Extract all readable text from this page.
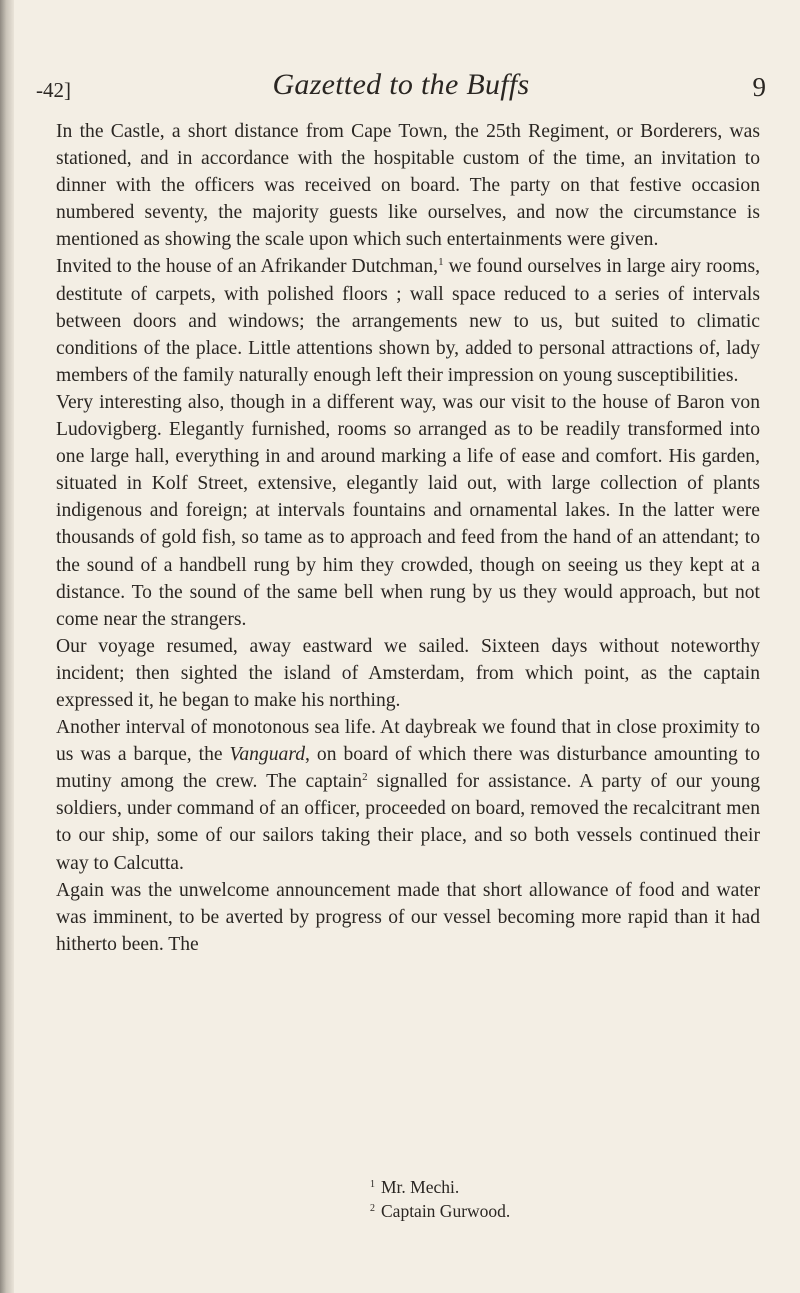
-42]	Gazetted to the Buffs	9

In the Castle, a short distance from Cape Town, the 25th Regiment, or Borderers, was stationed, and in accordance with the hospitable custom of the time, an invitation to dinner with the officers was received on board. The party on that festive occasion numbered seventy, the majority guests like ourselves, and now the circumstance is mentioned as showing the scale upon which such entertainments were given.

Invited to the house of an Afrikander Dutchman,$^1$ we found ourselves in large airy rooms, destitute of carpets, with polished floors ; wall space reduced to a series of intervals between doors and windows; the arrangements new to us, but suited to climatic conditions of the place. Little attentions shown by, added to personal attractions of, lady members of the family naturally enough left their impression on young susceptibilities.

Very interesting also, though in a different way, was our visit to the house of Baron von Ludovigberg. Elegantly furnished, rooms so arranged as to be readily transformed into one large hall, everything in and around marking a life of ease and comfort. His garden, situated in Kolf Street, extensive, elegantly laid out, with large collection of plants indigenous and foreign; at intervals fountains and ornamental lakes. In the latter were thousands of gold fish, so tame as to approach and feed from the hand of an attendant; to the sound of a handbell rung by him they crowded, though on seeing us they kept at a distance. To the sound of the same bell when rung by us they would approach, but not come near the strangers.

Our voyage resumed, away eastward we sailed. Sixteen days without noteworthy incident; then sighted the island of Amsterdam, from which point, as the captain expressed it, he began to make his northing.

Another interval of monotonous sea life. At daybreak we found that in close proximity to us was a barque, the Vanguard, on board of which there was disturbance amounting to mutiny among the crew. The captain$^2$ signalled for assistance. A party of our young soldiers, under command of an officer, proceeded on board, removed the recalcitrant men to our ship, some of our sailors taking their place, and so both vessels continued their way to Calcutta.

Again was the unwelcome announcement made that short allowance of food and water was imminent, to be averted by progress of our vessel becoming more rapid than it had hitherto been. The

$^1$ Mr. Mechi.

$^2$ Captain Gurwood.
